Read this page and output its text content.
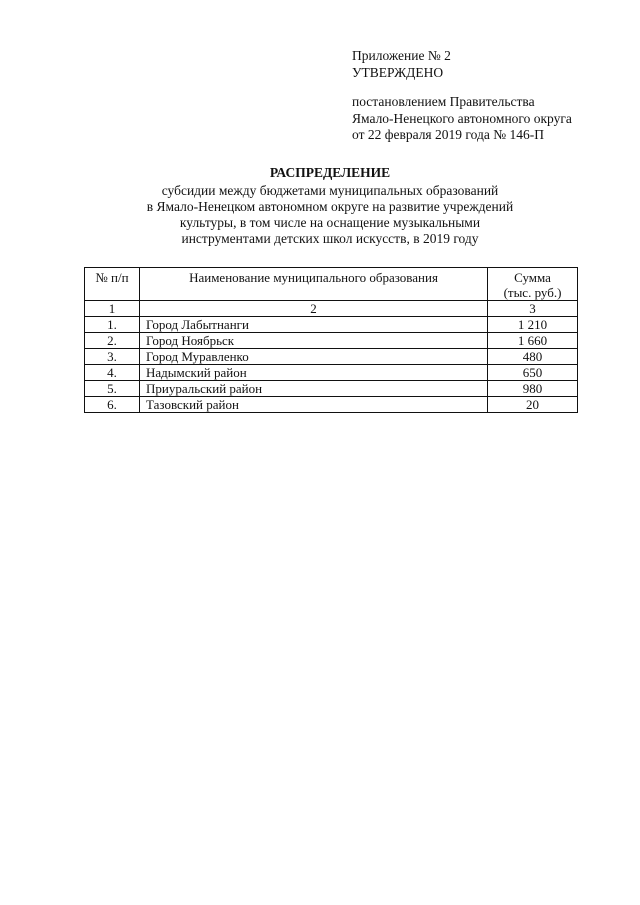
Приложение № 2
УТВЕРЖДЕНО
постановлением Правительства
Ямало-Ненецкого автономного округа
от 22 февраля 2019 года № 146-П
РАСПРЕДЕЛЕНИЕ
субсидии между бюджетами муниципальных образований
в Ямало-Ненецком автономном округе на развитие учреждений
культуры, в том числе на оснащение музыкальными
инструментами детских школ искусств, в 2019 году
№ п/п	Наименование муниципального образования	Сумма
(тыс. руб.)
1	2	3
1.	Город Лабытнанги	1 210
2.	Город Ноябрьск	1 660
3.	Город Муравленко	480
4.	Надымский район	650
5.	Приуральский район	980
6.	Тазовский район	20
